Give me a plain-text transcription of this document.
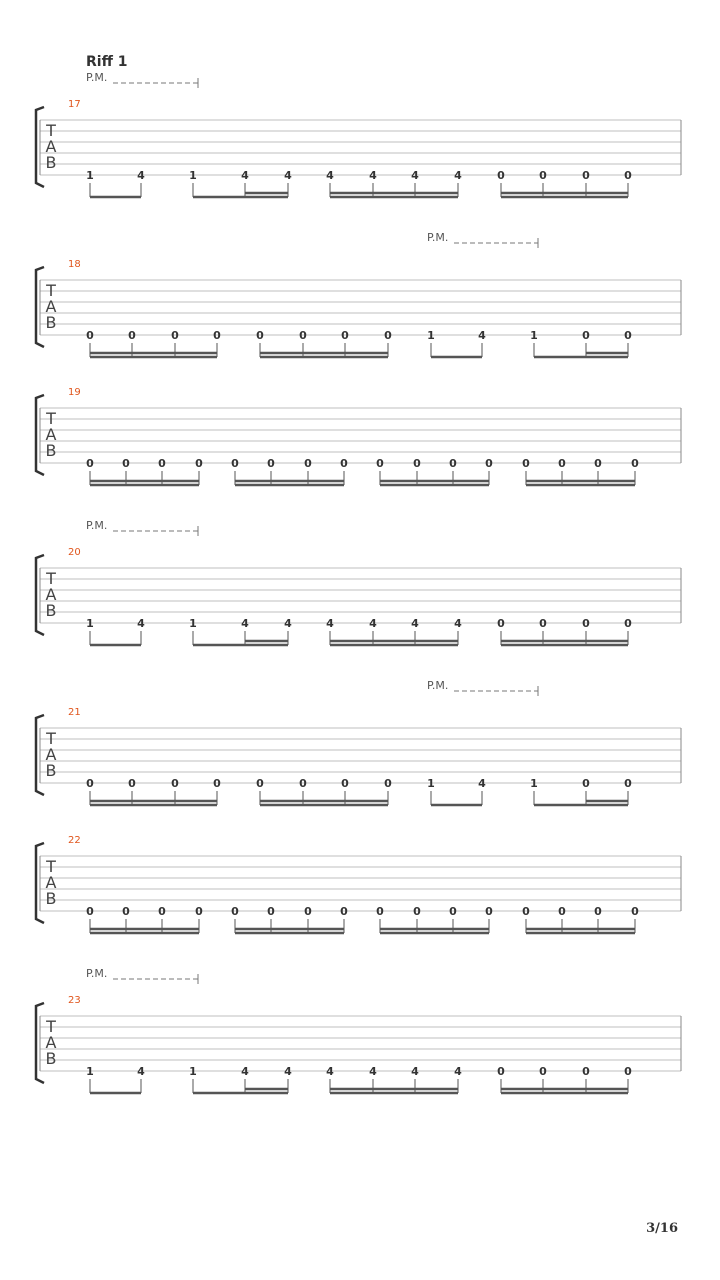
Riff 1
P.M.
17
T
A
B
1	4	1	4	4	4	4	4	4	0	0	0	0
P.M.
18
T
A
B
0	0	0	0	0	0	0	0	1	4	1	0	0
19
T
A
B
0	0	0	0	0	0	0	0	0	0	0	0	0	0	0	0
P.M.
20
T
A
B
1	4	1	4	4	4	4	4	4	0	0	0	0
P.M.
21
T
A
B
0	0	0	0	0	0	0	0	1	4	1	0	0
22
T
A
B
0	0	0	0	0	0	0	0	0	0	0	0	0	0	0	0
P.M.
23
T
A
B
1	4	1	4	4	4	4	4	4	0	0	0	0
3/16
